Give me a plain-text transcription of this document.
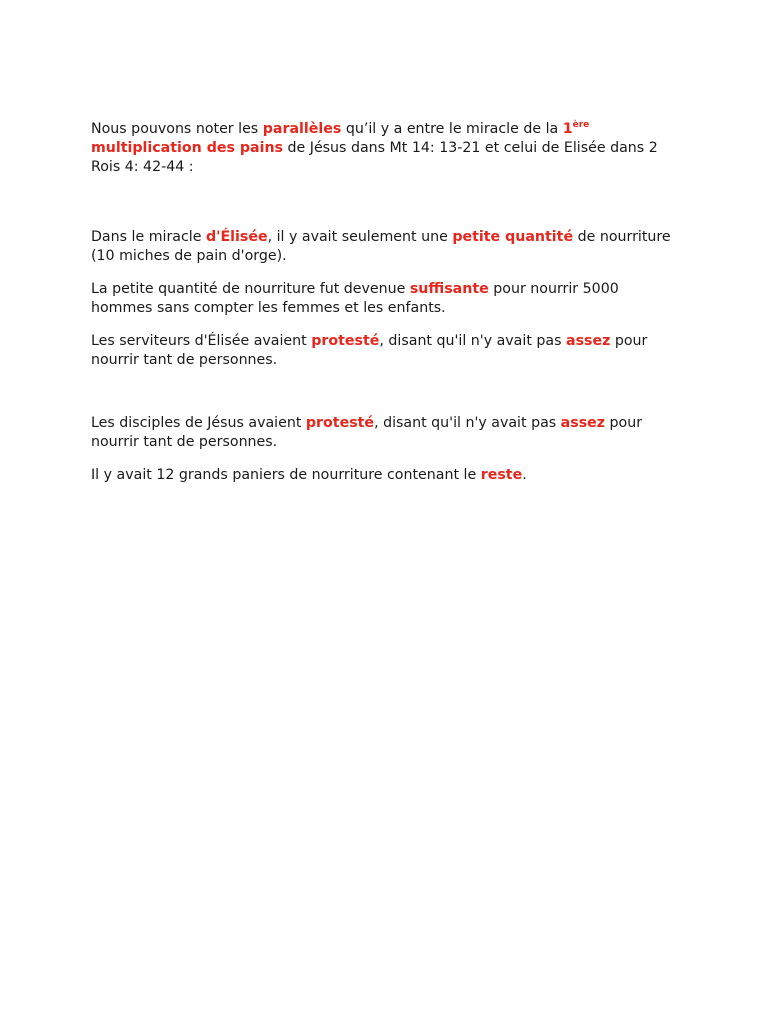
Nous pouvons noter les parallèles qu’il y a entre le miracle de la 1ère
multiplication des pains de Jésus dans Mt 14: 13-21 et celui de Elisée dans 2 Rois 4: 42-44 :

Dans le miracle d'Élisée, il y avait seulement une petite quantité de nourriture (10 miches de pain d'orge).

La petite quantité de nourriture fut devenue suffisante pour nourrir 5000 hommes sans compter les femmes et les enfants.

Les serviteurs d'Élisée avaient protesté, disant qu'il n'y avait pas assez pour nourrir tant de personnes.

Les disciples de Jésus avaient protesté, disant qu'il n'y avait pas assez pour nourrir tant de personnes.

Il y avait 12 grands paniers de nourriture contenant le reste.
